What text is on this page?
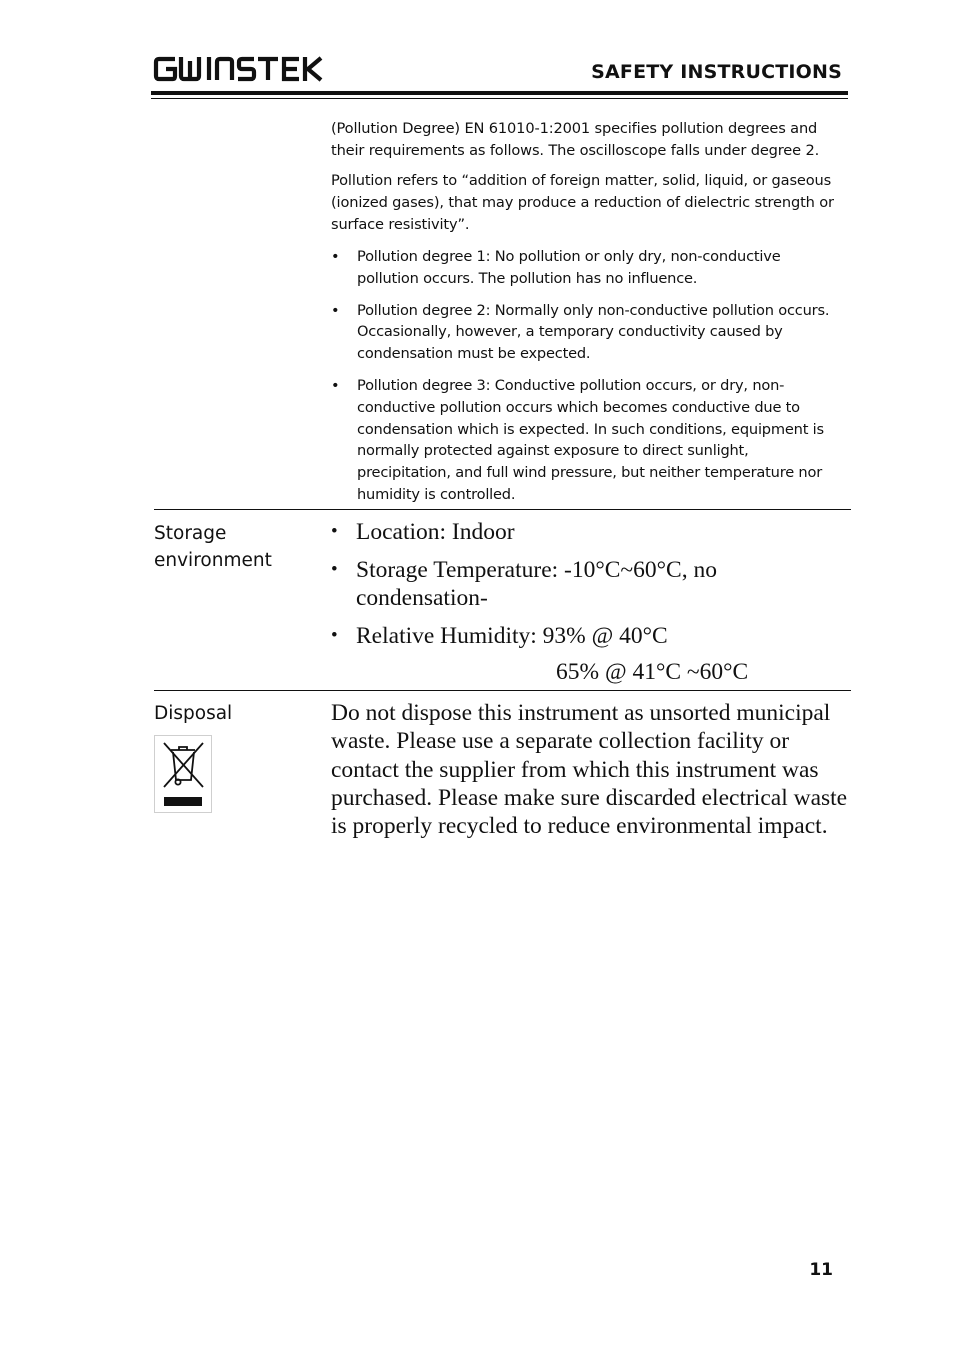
SAFETY INSTRUCTIONS

(Pollution Degree) EN 61010-1:2001 specifies pollution degrees and their requirements as follows. The oscilloscope falls under degree 2.

Pollution refers to “addition of foreign matter, solid, liquid, or gaseous (ionized gases), that may produce a reduction of dielectric strength or surface resistivity”.

• Pollution degree 1: No pollution or only dry, non-conductive pollution occurs. The pollution has no influence.
• Pollution degree 2: Normally only non-conductive pollution occurs. Occasionally, however, a temporary conductivity caused by condensation must be expected.
• Pollution degree 3: Conductive pollution occurs, or dry, non-conductive pollution occurs which becomes conductive due to condensation which is expected. In such conditions, equipment is normally protected against exposure to direct sunlight, precipitation, and full wind pressure, but neither temperature nor humidity is controlled.
Storage environment
• Location: Indoor
• Storage Temperature: -10°C~60°C, no condensation-
• Relative Humidity: 93% @ 40°C
65% @ 41°C ~60°C
Disposal	Do not dispose this instrument as unsorted municipal waste. Please use a separate collection facility or contact the supplier from which this instrument was purchased. Please make sure discarded electrical waste is properly recycled to reduce environmental impact.
11
